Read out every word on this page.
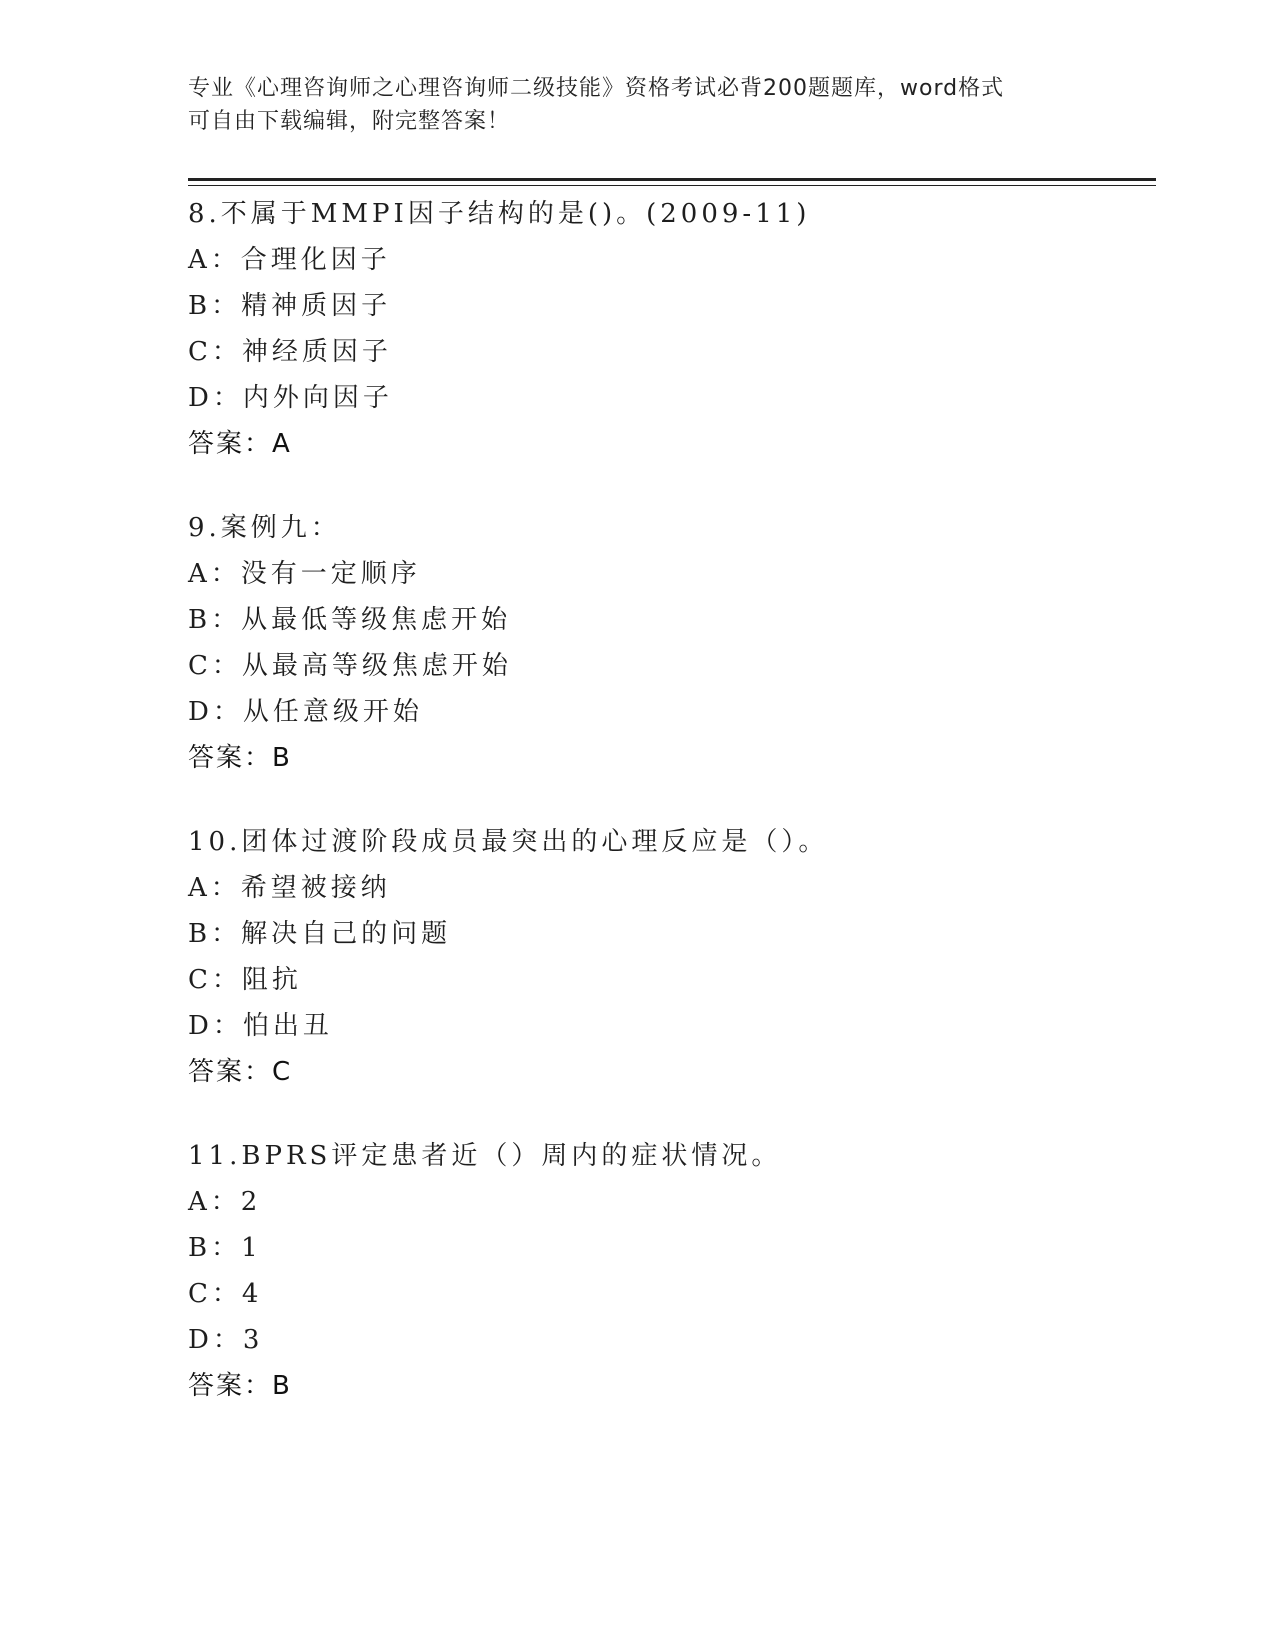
专业《心理咨询师之心理咨询师二级技能》资格考试必背200题题库，word格式
可自由下载编辑，附完整答案！
8.不属于MMPI因子结构的是()。(2009-11)
A：合理化因子
B：精神质因子
C：神经质因子
D：内外向因子
答案：A
9.案例九：
A：没有一定顺序
B：从最低等级焦虑开始
C：从最高等级焦虑开始
D：从任意级开始
答案：B
10.团体过渡阶段成员最突出的心理反应是（）。
A：希望被接纳
B：解决自己的问题
C：阻抗
D：怕出丑
答案：C
11.BPRS评定患者近（）周内的症状情况。
A：2
B：1
C：4
D：3
答案：B
